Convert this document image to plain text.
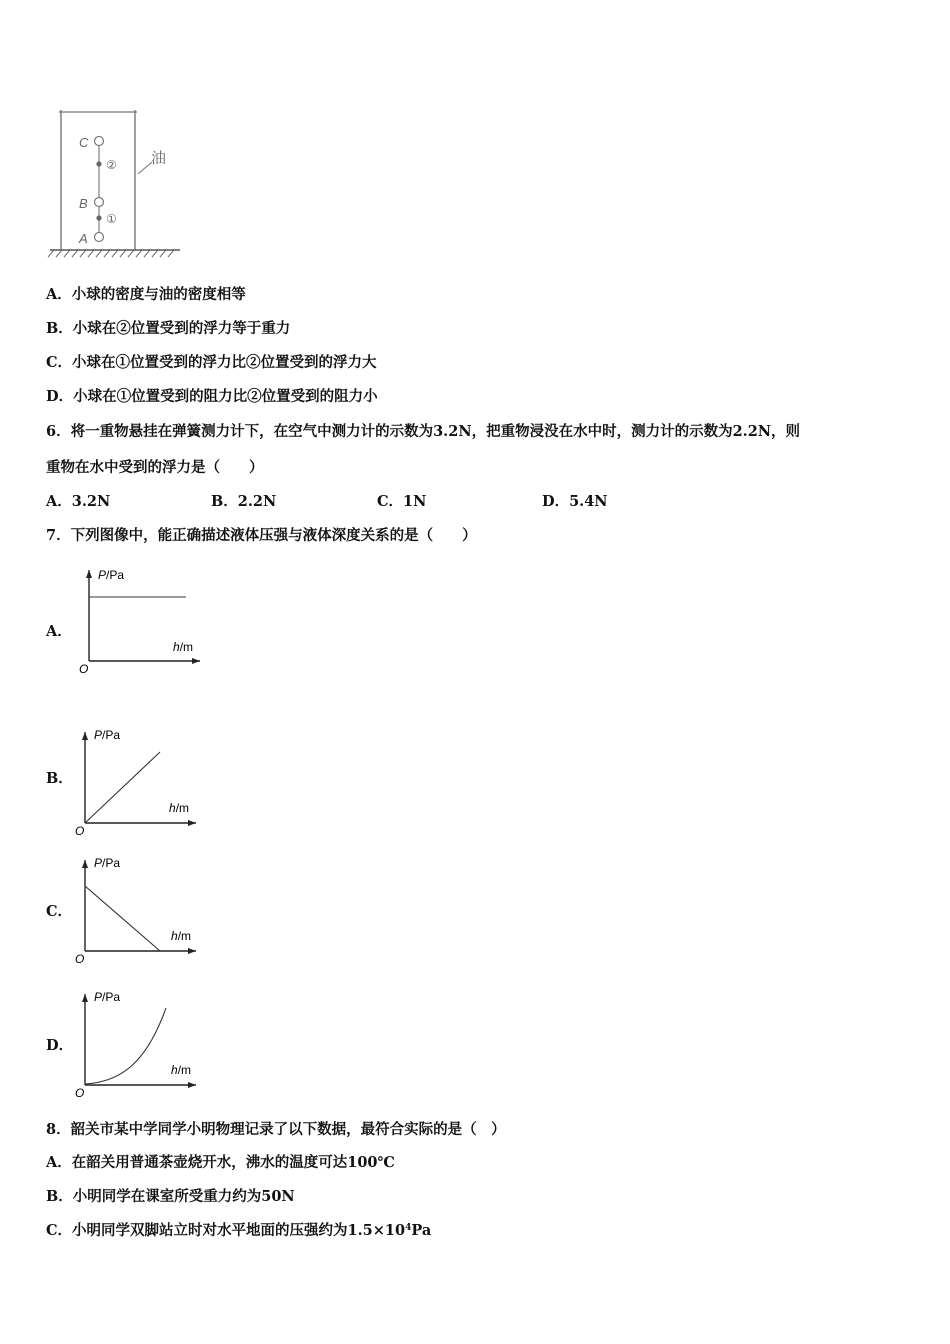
C
B
A
②
①
油
A．小球的密度与油的密度相等
B．小球在②位置受到的浮力等于重力
C．小球在①位置受到的浮力比②位置受到的浮力大
D．小球在①位置受到的阻力比②位置受到的阻力小
6．将一重物悬挂在弹簧测力计下，在空气中测力计的示数为3.2N，把重物浸没在水中时，测力计的示数为2.2N，则
重物在水中受到的浮力是（　　）
A．3.2N	B．2.2N	C．1N	D．5.4N
7．下列图像中，能正确描述液体压强与液体深度关系的是（　　）
A．
P/Pa
h/m
O
B．
P/Pa
h/m
O
C．
P/Pa
h/m
O
D．
P/Pa
h/m
O
8．韶关市某中学同学小明物理记录了以下数据，最符合实际的是（　）
A．在韶关用普通茶壶烧开水，沸水的温度可达100℃
B．小明同学在课室所受重力约为50N
C．小明同学双脚站立时对水平地面的压强约为$1.5\times 10^4Pa$
